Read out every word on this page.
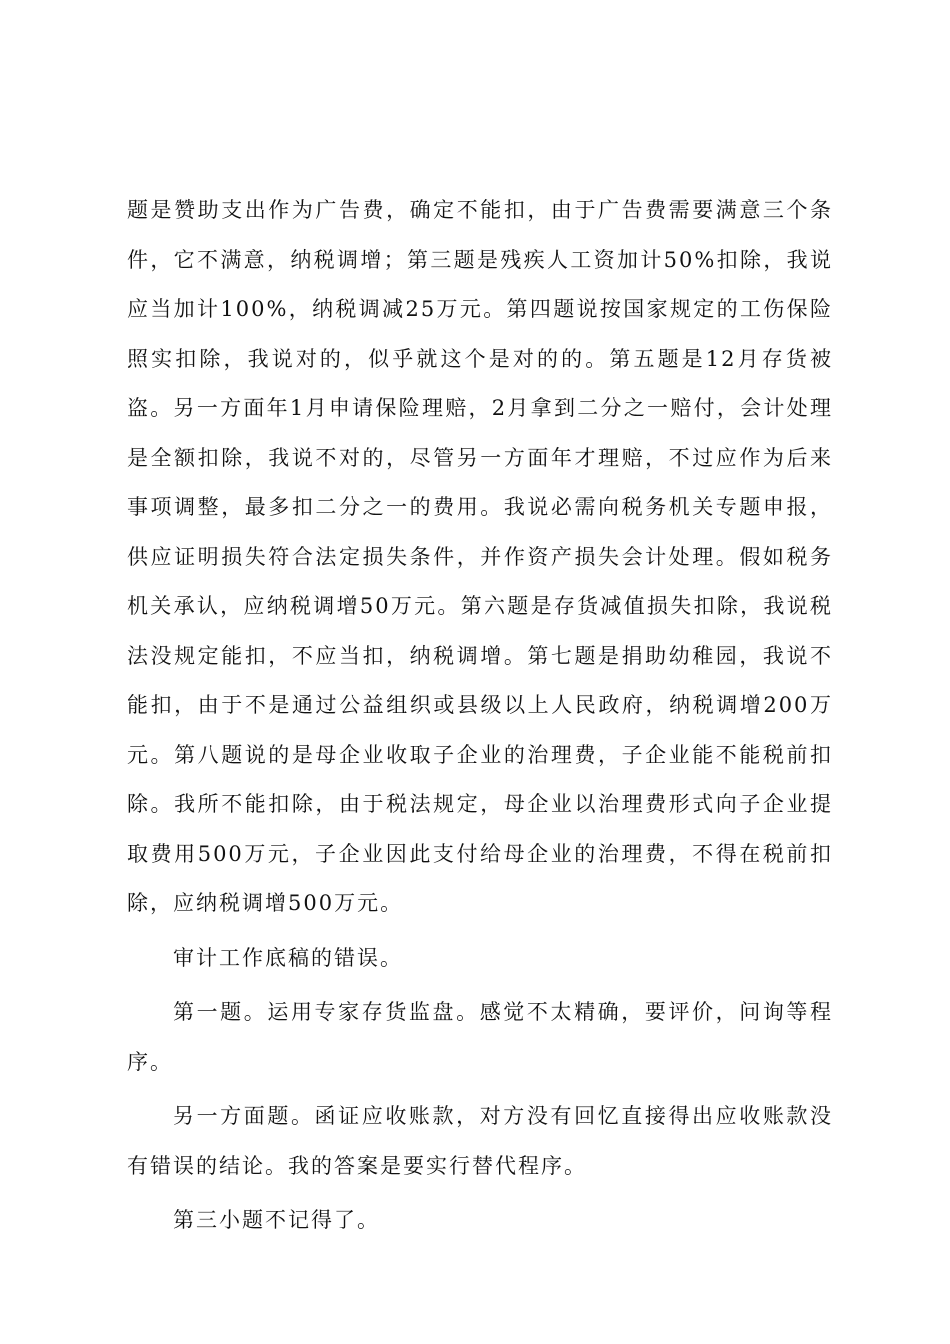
题是赞助支出作为广告费，确定不能扣，由于广告费需要满意三个条件，它不满意，纳税调增；第三题是残疾人工资加计50%扣除，我说应当加计100%，纳税调减25万元。第四题说按国家规定的工伤保险照实扣除，我说对的，似乎就这个是对的的。第五题是12月存货被盗。另一方面年1月申请保险理赔，2月拿到二分之一赔付，会计处理是全额扣除，我说不对的，尽管另一方面年才理赔，不过应作为后来事项调整，最多扣二分之一的费用。我说必需向税务机关专题申报，供应证明损失符合法定损失条件，并作资产损失会计处理。假如税务机关承认，应纳税调增50万元。第六题是存货减值损失扣除，我说税法没规定能扣，不应当扣，纳税调增。第七题是捐助幼稚园，我说不能扣，由于不是通过公益组织或县级以上人民政府，纳税调增200万元。第八题说的是母企业收取子企业的治理费，子企业能不能税前扣除。我所不能扣除，由于税法规定，母企业以治理费形式向子企业提取费用500万元，子企业因此支付给母企业的治理费，不得在税前扣除，应纳税调增500万元。

审计工作底稿的错误。

第一题。运用专家存货监盘。感觉不太精确，要评价，问询等程序。

另一方面题。函证应收账款，对方没有回忆直接得出应收账款没有错误的结论。我的答案是要实行替代程序。

第三小题不记得了。
